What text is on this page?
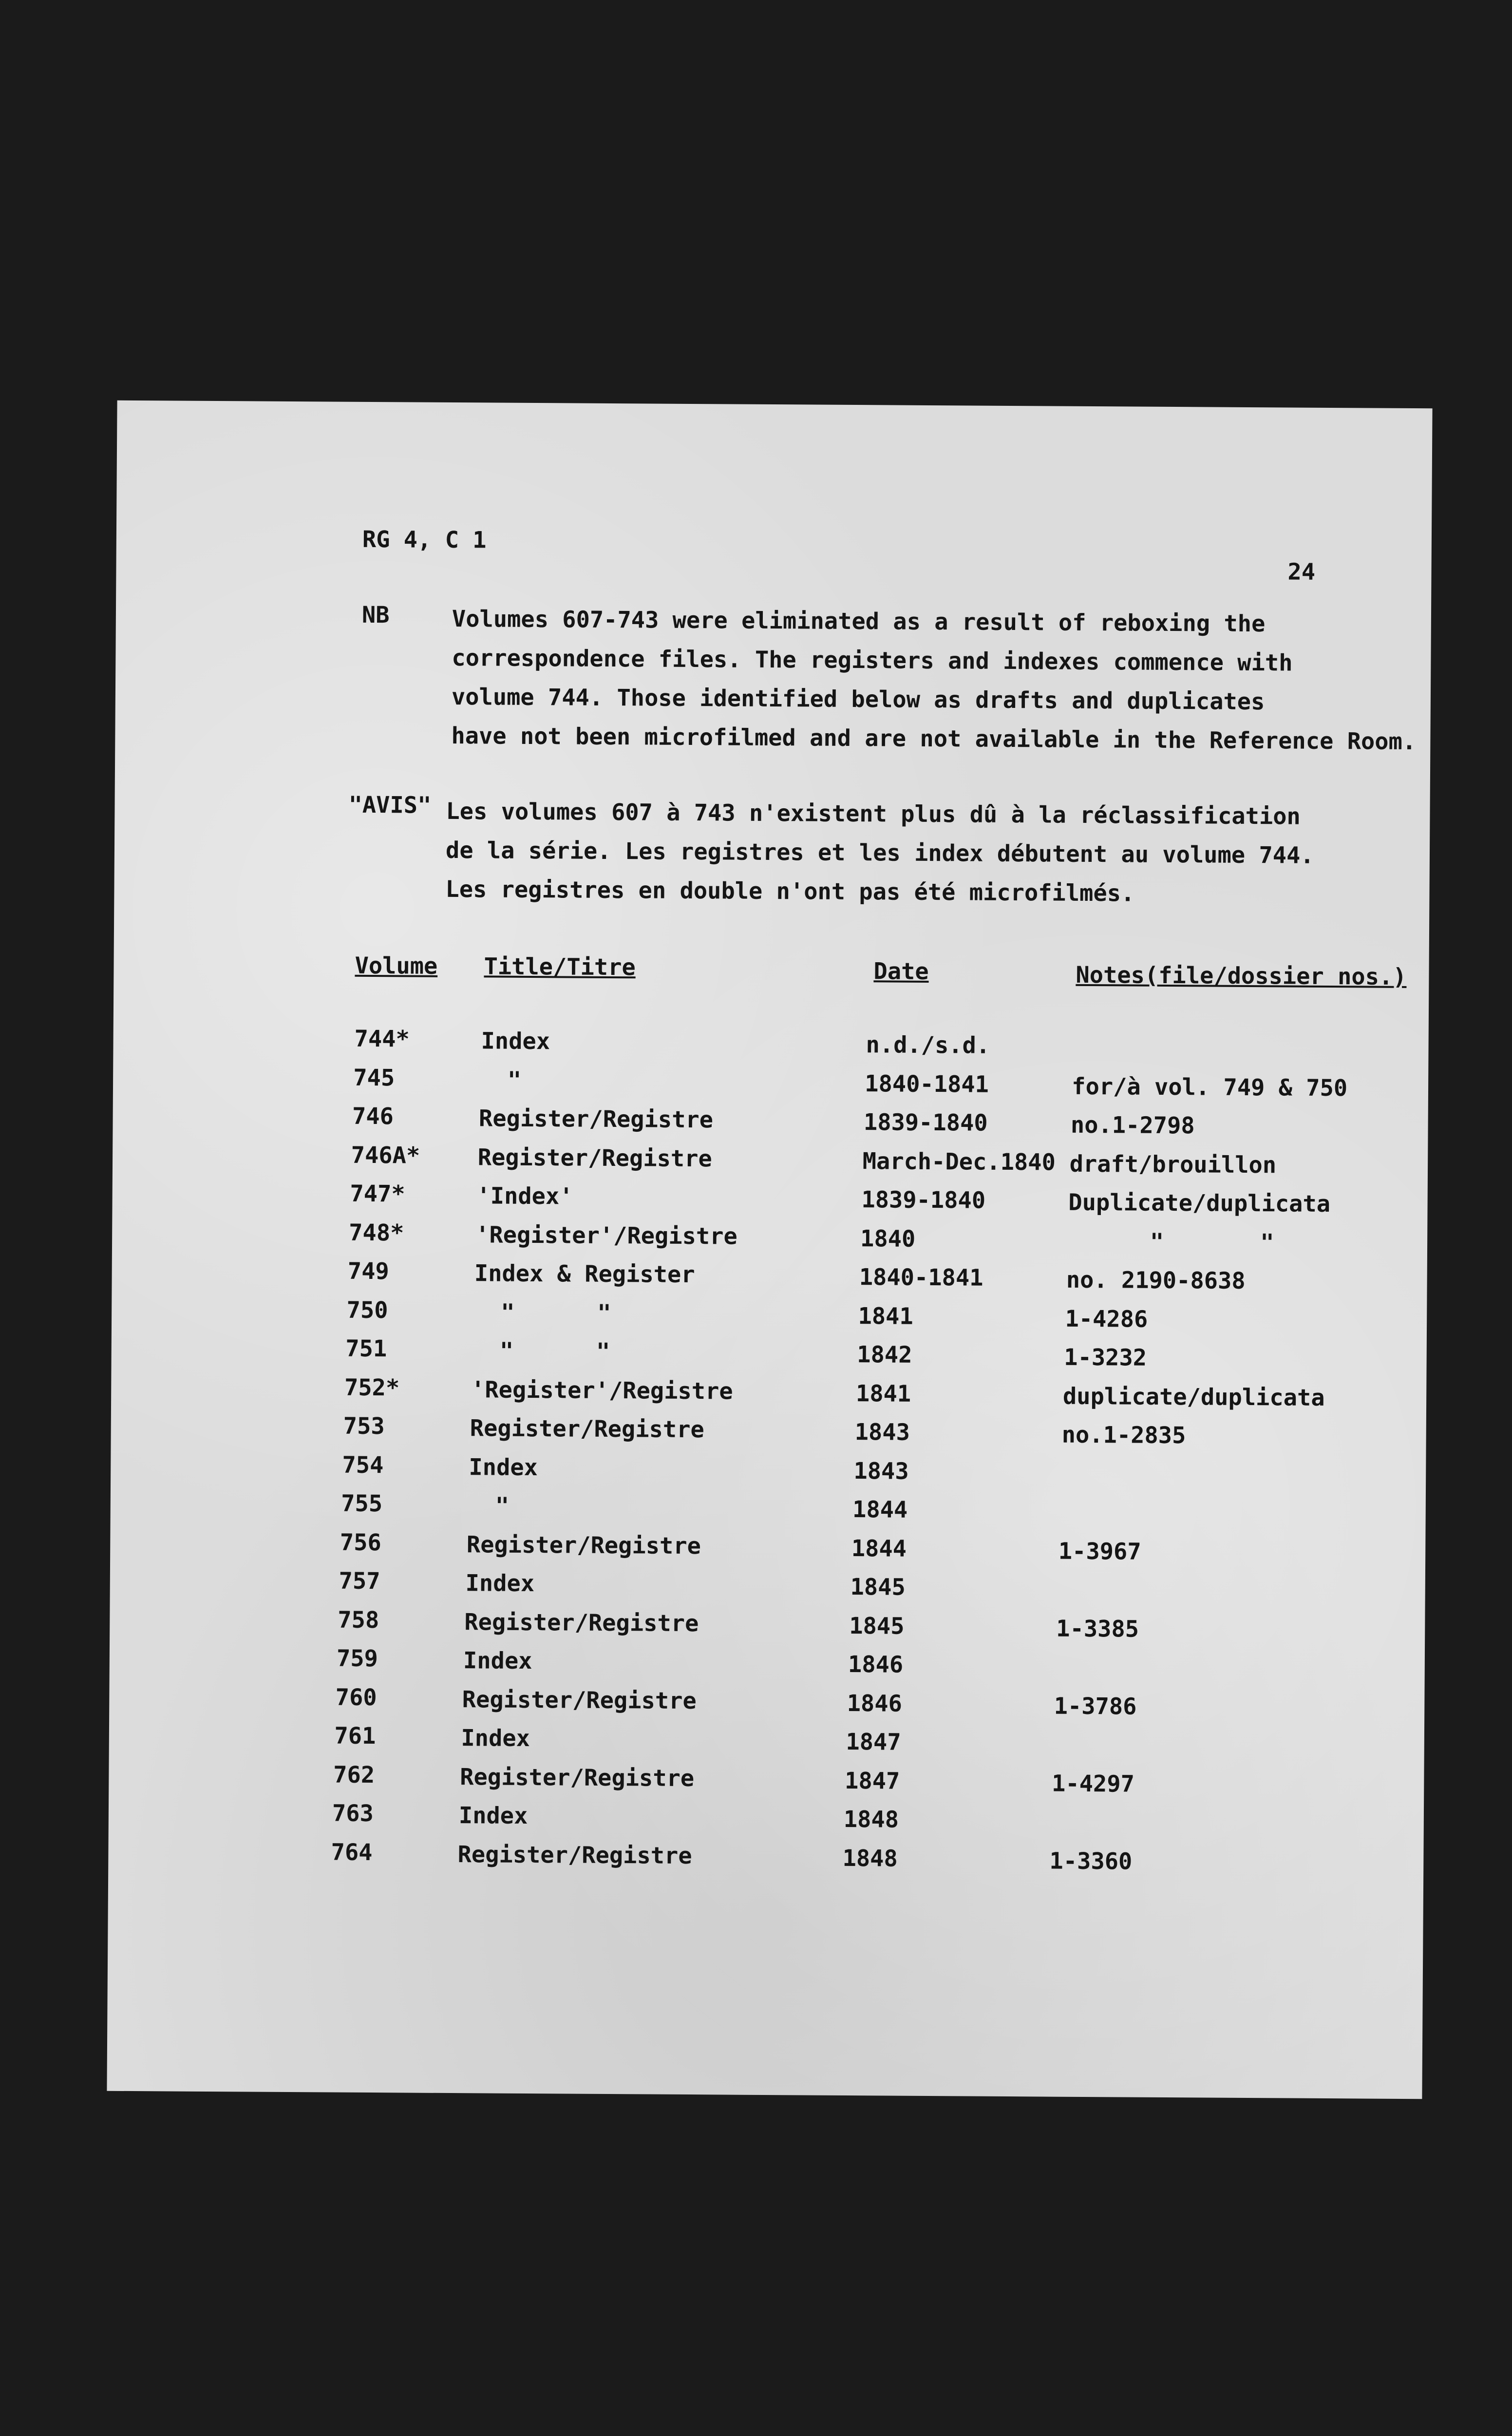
RG 4, C 1
24
NB	Volumes 607-743 were eliminated as a result of reboxing the
correspondence files. The registers and indexes commence with
volume 744. Those identified below as drafts and duplicates
have not been microfilmed and are not available in the Reference Room.
"AVIS" Les volumes 607 à 743 n'existent plus dû à la réclassification
de la série. Les registres et les index débutent au volume 744.
Les registres en double n'ont pas été microfilmés.
Volume Title/Titre	Date	Notes(file/dossier nos.)
744*	Index	n.d./s.d.
745	"	1840-1841	for/à vol. 749 & 750
746	Register/Registre	1839-1840	no.1-2798
746A*	Register/Registre	March-Dec.1840 draft/brouillon
747*	'Index'	1839-1840	Duplicate/duplicata
748*	'Register'/Registre	1840	"       "
749	Index & Register	1840-1841	no. 2190-8638
750	"      "	1841	1-4286
751	"      "	1842	1-3232
752*	'Register'/Registre	1841	duplicate/duplicata
753	Register/Registre	1843	no.1-2835
754	Index	1843
755	"	1844
756	Register/Registre	1844	1-3967
757	Index	1845
758	Register/Registre	1845	1-3385
759	Index	1846
760	Register/Registre	1846	1-3786
761	Index	1847
762	Register/Registre	1847	1-4297
763	Index	1848
764	Register/Registre	1848	1-3360
